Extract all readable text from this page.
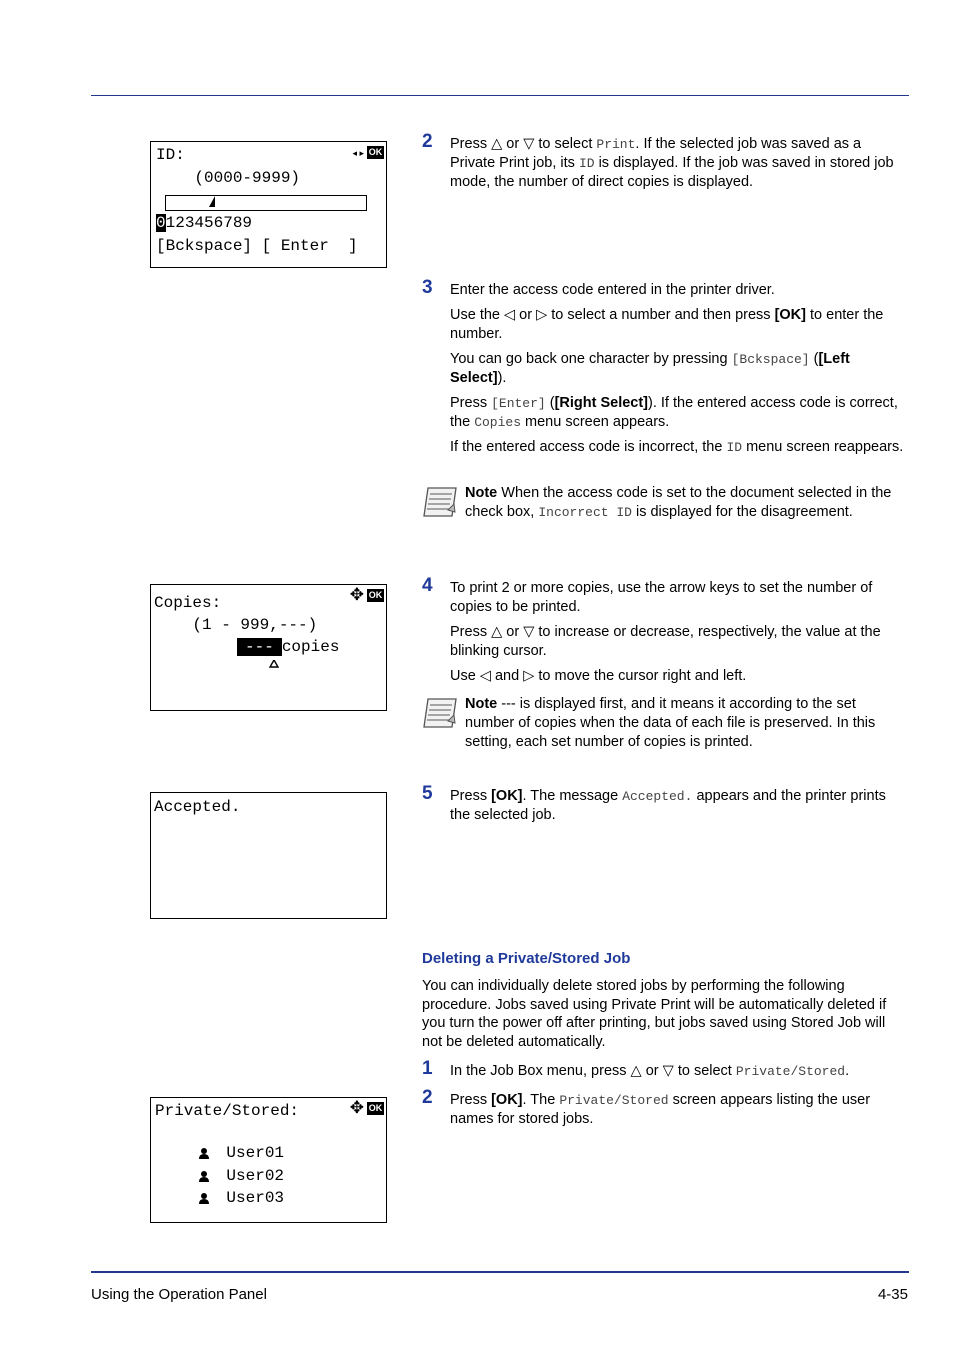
◂ ▸ OK
ID:
(0000-9999)
0123456789
[Bckspace] [ Enter  ]
✥ OK
Copies:
(1 - 999,---)
--- copies
Accepted.
✥ OK
Private/Stored:

User01

User02

User03

2 Press △ or ▽ to select Print. If the selected job was saved as a Private Print job, its ID is displayed. If the job was saved in stored job mode, the number of direct copies is displayed.

3 Enter the access code entered in the printer driver.

Use the ◁ or ▷ to select a number and then press [OK] to enter the number.

You can go back one character by pressing [Bckspace] ([Left Select]).

Press [Enter] ([Right Select]). If the entered access code is correct, the Copies menu screen appears.

If the entered access code is incorrect, the ID menu screen reappears.

Note When the access code is set to the document selected in the check box, Incorrect ID is displayed for the disagreement.
4 To print 2 or more copies, use the arrow keys to set the number of copies to be printed.

Press △ or ▽ to increase or decrease, respectively, the value at the blinking cursor.

Use ◁ and ▷ to move the cursor right and left.

Note --- is displayed first, and it means it according to the set number of copies when the data of each file is preserved. In this setting, each set number of copies is printed.
5 Press [OK]. The message Accepted. appears and the printer prints the selected job.

Deleting a Private/Stored Job
You can individually delete stored jobs by performing the following procedure. Jobs saved using Private Print will be automatically deleted if you turn the power off after printing, but jobs saved using Stored Job will not be deleted automatically.
1 In the Job Box menu, press △ or ▽ to select Private/Stored.

2 Press [OK]. The Private/Stored screen appears listing the user names for stored jobs.

Using the Operation Panel	4-35
